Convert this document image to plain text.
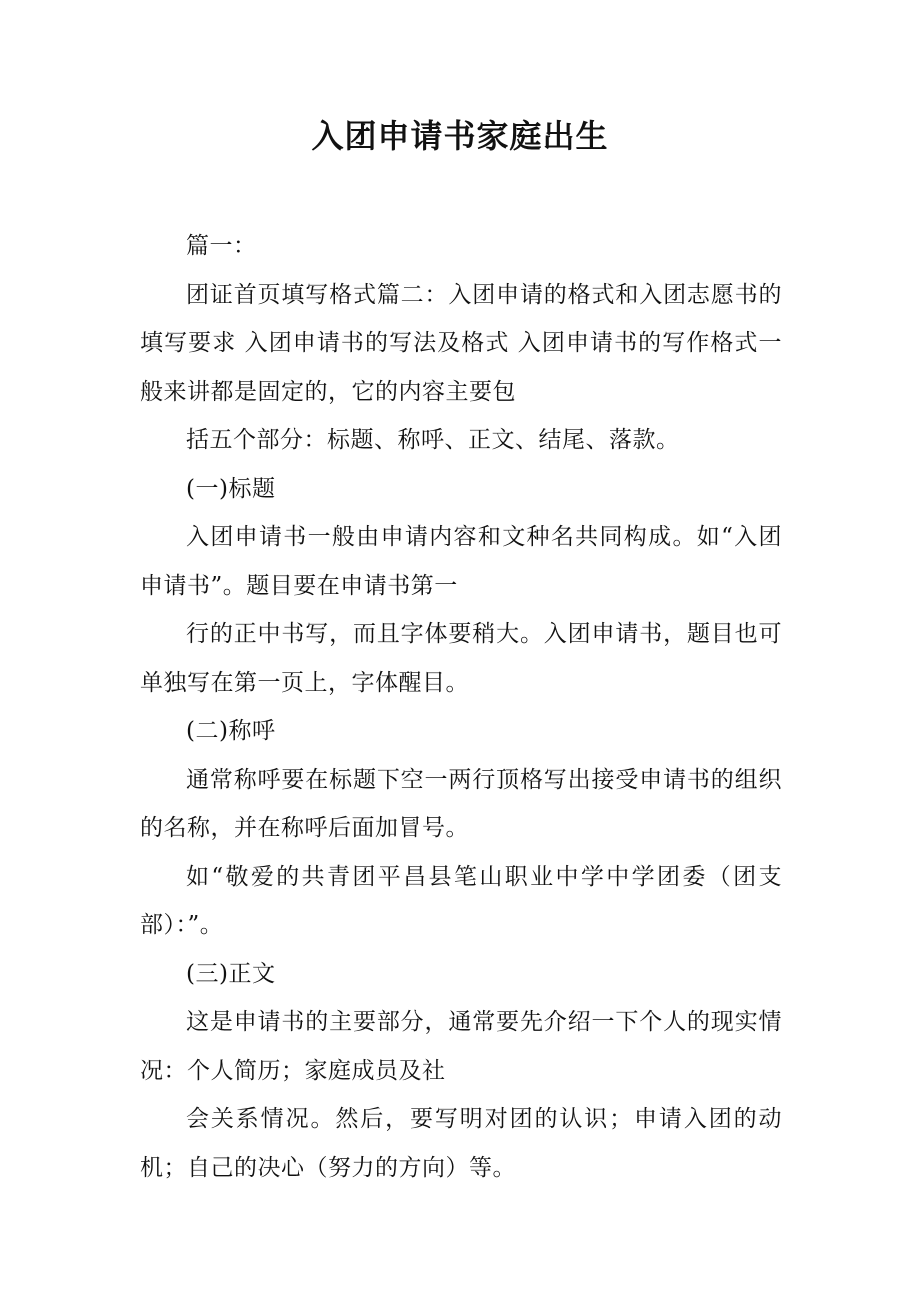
入团申请书家庭出生

篇一：

团证首页填写格式篇二：入团申请的格式和入团志愿书的填写要求 入团申请书的写法及格式 入团申请书的写作格式一般来讲都是固定的，它的内容主要包

括五个部分：标题、称呼、正文、结尾、落款。

(一)标题

入团申请书一般由申请内容和文种名共同构成。如“入团申请书”。题目要在申请书第一

行的正中书写，而且字体要稍大。入团申请书，题目也可单独写在第一页上，字体醒目。

(二)称呼

通常称呼要在标题下空一两行顶格写出接受申请书的组织的名称，并在称呼后面加冒号。

如“敬爱的共青团平昌县笔山职业中学中学团委（团支部）：”。

(三)正文

这是申请书的主要部分，通常要先介绍一下个人的现实情况：个人简历；家庭成员及社

会关系情况。然后，要写明对团的认识；申请入团的动机；自己的决心（努力的方向）等。
